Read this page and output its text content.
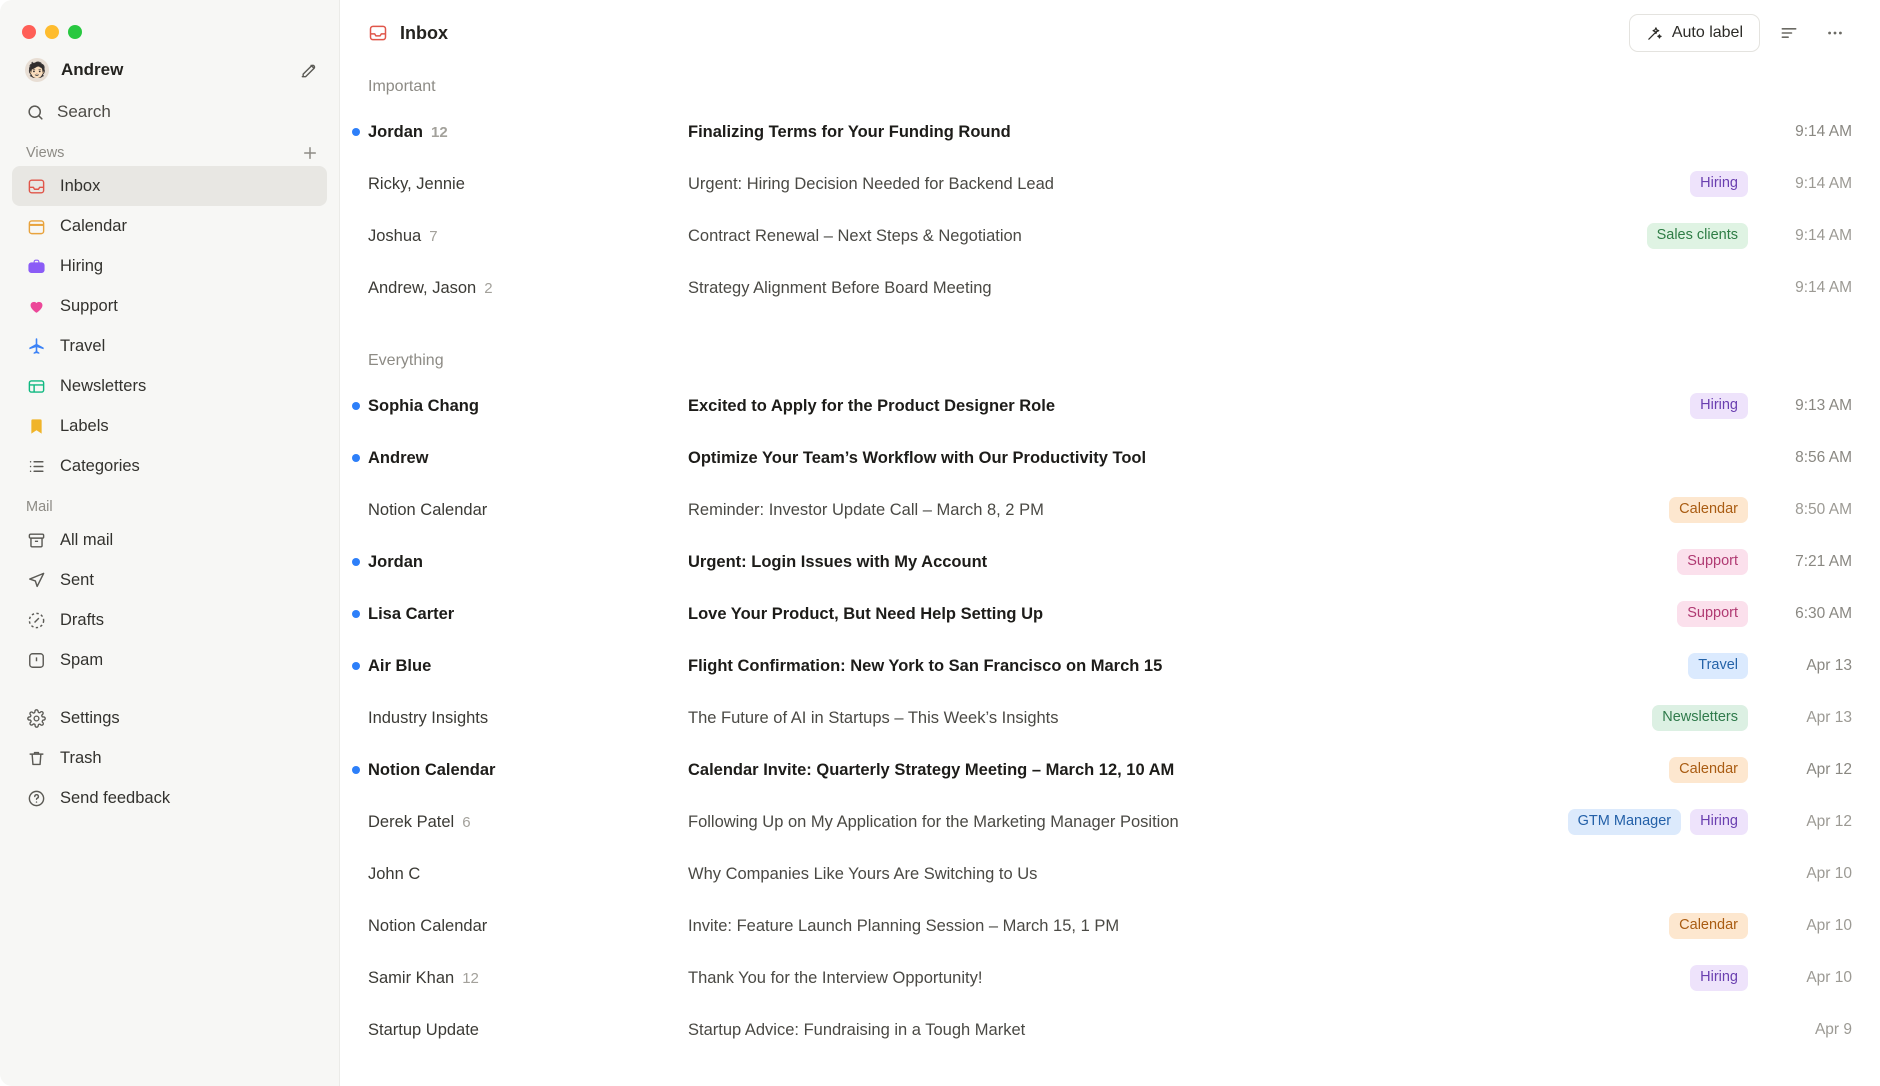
🧑🏻 Andrew
Search
Views
Inbox
Calendar
Hiring
Support
Travel
Newsletters
Labels
Categories
Mail
All mail
Sent
Drafts
Spam
Settings
Trash
Send feedback
Inbox	Auto label
Important
Jordan 12	Finalizing Terms for Your Funding Round	9:14 AM
Ricky, Jennie	Urgent: Hiring Decision Needed for Backend Lead	Hiring	9:14 AM
Joshua 7	Contract Renewal – Next Steps & Negotiation	Sales clients	9:14 AM
Andrew, Jason 2	Strategy Alignment Before Board Meeting	9:14 AM
Everything
Sophia Chang	Excited to Apply for the Product Designer Role	Hiring	9:13 AM
Andrew	Optimize Your Team’s Workflow with Our Productivity Tool	8:56 AM
Notion Calendar	Reminder: Investor Update Call – March 8, 2 PM	Calendar	8:50 AM
Jordan	Urgent: Login Issues with My Account	Support	7:21 AM
Lisa Carter	Love Your Product, But Need Help Setting Up	Support	6:30 AM
Air Blue	Flight Confirmation: New York to San Francisco on March 15	Travel	Apr 13
Industry Insights	The Future of AI in Startups – This Week’s Insights	Newsletters	Apr 13
Notion Calendar	Calendar Invite: Quarterly Strategy Meeting – March 12, 10 AM	Calendar	Apr 12
Derek Patel 6	Following Up on My Application for the Marketing Manager Position	GTM Manager	Hiring	Apr 12
John C	Why Companies Like Yours Are Switching to Us	Apr 10
Notion Calendar	Invite: Feature Launch Planning Session – March 15, 1 PM	Calendar	Apr 10
Samir Khan 12	Thank You for the Interview Opportunity!	Hiring	Apr 10
Startup Update	Startup Advice: Fundraising in a Tough Market	Apr 9
